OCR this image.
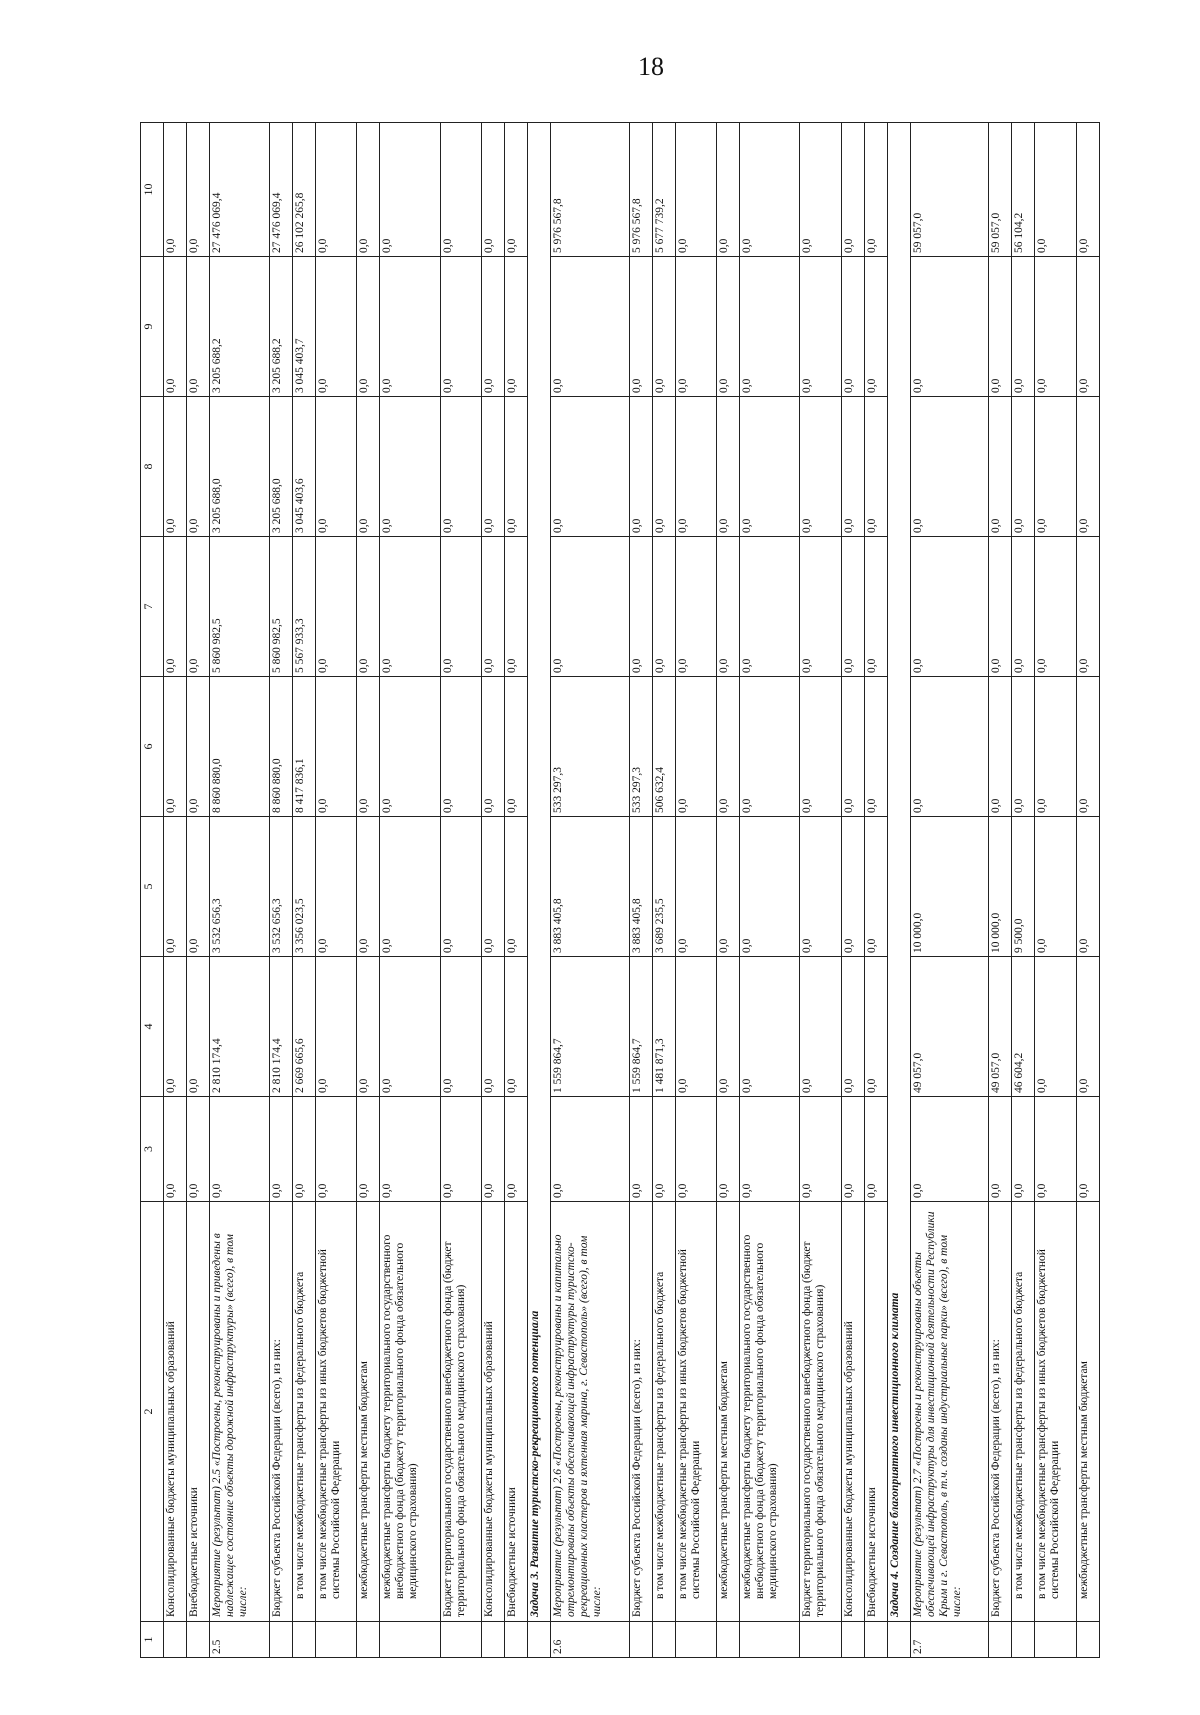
18
1	2	3	4	5	6	7	8	9	10
	Консолидированные бюджеты муниципальных образований	0,0	0,0	0,0	0,0	0,0	0,0	0,0	0,0
	Внебюджетные источники	0,0	0,0	0,0	0,0	0,0	0,0	0,0	0,0
2.5	Мероприятие (результат) 2.5 «Построены, реконструированы и приведены в надлежащее состояние объекты дорожной инфраструктуры» (всего), в том числе:	0,0	2 810 174,4	3 532 656,3	8 860 880,0	5 860 982,5	3 205 688,0	3 205 688,2	27 476 069,4
	Бюджет субъекта Российской Федерации (всего), из них:	0,0	2 810 174,4	3 532 656,3	8 860 880,0	5 860 982,5	3 205 688,0	3 205 688,2	27 476 069,4
	в том числе межбюджетные трансферты из федерального бюджета	0,0	2 669 665,6	3 356 023,5	8 417 836,1	5 567 933,3	3 045 403,6	3 045 403,7	26 102 265,8
	в том числе межбюджетные трансферты из иных бюджетов бюджетной системы Российской Федерации	0,0	0,0	0,0	0,0	0,0	0,0	0,0	0,0
	межбюджетные трансферты местным бюджетам	0,0	0,0	0,0	0,0	0,0	0,0	0,0	0,0
	межбюджетные трансферты бюджету территориального государственного внебюджетного фонда (бюджету территориального фонда обязательного медицинского страхования)	0,0	0,0	0,0	0,0	0,0	0,0	0,0	0,0
	Бюджет территориального государственного внебюджетного фонда (бюджет территориального фонда обязательного медицинского страхования)	0,0	0,0	0,0	0,0	0,0	0,0	0,0	0,0
	Консолидированные бюджеты муниципальных образований	0,0	0,0	0,0	0,0	0,0	0,0	0,0	0,0
	Внебюджетные источники	0,0	0,0	0,0	0,0	0,0	0,0	0,0	0,0
	Задача 3. Развитие туристско-рекреационного потенциала								
2.6	Мероприятие (результат) 2.6 «Построены, реконструированы и капитально отремонтированы объекты обеспечивающей инфраструктуры туристско-рекреационных кластеров и яхтенная марина, г. Севастополь» (всего), в том числе:	0,0	1 559 864,7	3 883 405,8	533 297,3	0,0	0,0	0,0	5 976 567,8
	Бюджет субъекта Российской Федерации (всего), из них:	0,0	1 559 864,7	3 883 405,8	533 297,3	0,0	0,0	0,0	5 976 567,8
	в том числе межбюджетные трансферты из федерального бюджета	0,0	1 481 871,3	3 689 235,5	506 632,4	0,0	0,0	0,0	5 677 739,2
	в том числе межбюджетные трансферты из иных бюджетов бюджетной системы Российской Федерации	0,0	0,0	0,0	0,0	0,0	0,0	0,0	0,0
	межбюджетные трансферты местным бюджетам	0,0	0,0	0,0	0,0	0,0	0,0	0,0	0,0
	межбюджетные трансферты бюджету территориального государственного внебюджетного фонда (бюджету территориального фонда обязательного медицинского страхования)	0,0	0,0	0,0	0,0	0,0	0,0	0,0	0,0
	Бюджет территориального государственного внебюджетного фонда (бюджет территориального фонда обязательного медицинского страхования)	0,0	0,0	0,0	0,0	0,0	0,0	0,0	0,0
	Консолидированные бюджеты муниципальных образований	0,0	0,0	0,0	0,0	0,0	0,0	0,0	0,0
	Внебюджетные источники	0,0	0,0	0,0	0,0	0,0	0,0	0,0	0,0
	Задача 4. Создание благоприятного инвестиционного климата								
2.7	Мероприятие (результат) 2.7 «Построены и реконструированы объекты обеспечивающей инфраструктуры для инвестиционной деятельности Республики Крым и г. Севастополь, в т.ч. созданы индустриальные парки» (всего), в том числе:	0,0	49 057,0	10 000,0	0,0	0,0	0,0	0,0	59 057,0
	Бюджет субъекта Российской Федерации (всего), из них:	0,0	49 057,0	10 000,0	0,0	0,0	0,0	0,0	59 057,0
	в том числе межбюджетные трансферты из федерального бюджета	0,0	46 604,2	9 500,0	0,0	0,0	0,0	0,0	56 104,2
	в том числе межбюджетные трансферты из иных бюджетов бюджетной системы Российской Федерации	0,0	0,0	0,0	0,0	0,0	0,0	0,0	0,0
	межбюджетные трансферты местным бюджетам	0,0	0,0	0,0	0,0	0,0	0,0	0,0	0,0
